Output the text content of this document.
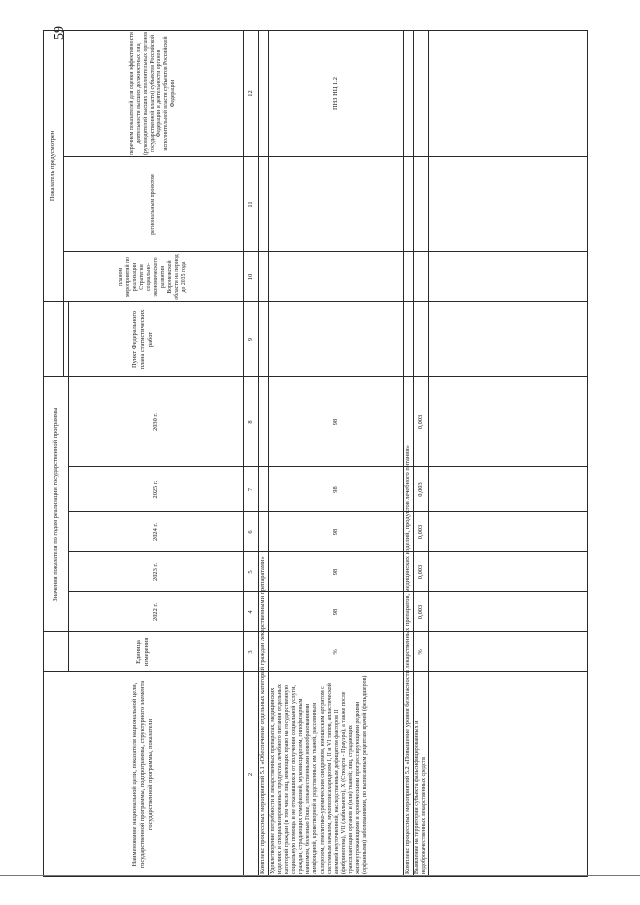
59
Наименование национальной цели, показателя национальной цели, государственной программы, подпрограммы, структурного элемента государственной программы, показатели
Единица измерения
Значения показателя по годам реализации государственной программы
2022 г.
2023 г.
2024 г.
2025 г.
2030 г.
Пункт Федерального плана статистических работ
Показатель предусмотрен
планом мероприятий по реализации Стратегии социально-экономического развития Воронежской области на период до 2035 года
региональным проектом
перечнем показателей для оценки эффективности деятельности высших должностных лиц (руководителей высших исполнительных органов государственной власти) субъектов Российской Федерации и деятельности органов исполнительной власти субъектов Российской Федерации
2
3
4
5
6
7
8
9
10
11
12
Комплекс процессных мероприятий 5.1 «Обеспечение отдельных категорий граждан лекарственными препаратами» Удовлетворение потребности в лекарственных препаратах, медицинских изделиях и специализированных продуктах лечебного питания отдельных категорий граждан (в том числе лиц, имеющих право на государственную социальную помощь и не отказавшихся от получения социальной услуги, граждан, страдающих гемофилией, муковисцидозом, гипофизарным нанизмом, болезнью Гоше, злокачественными новообразованиями лимфоидной, кроветворной и родственных им тканей, рассеянным склерозом, гемолитико-уремическим синдромом, юношеским артритом с системным началом, мукополисахаридозом I, II и VI типов, апластической анемией неуточненной, наследственным дефицитом факторов II (фибриногена), VII (лабильного), X (Стюарта - Прауэра), а также после трансплантации органов и (или) тканей; лиц, страдающих жизнеугрожающими и хроническими прогрессирующими редкими (орфанными) заболеваниями, по выписанным рецептам врачей (фельдшеров)
%
98
98
98
98
98
ПНЗ НЦ 1.2
Комплекс процессных мероприятий 5.2 «Повышение уровня безопасности лекарственных препаратов, медицинских изделий, продуктов лечебного питания» Выявление на территории субъекта фальсифицированных и недоброкачественных лекарственных средств
%
0,003
0,003
0,003
0,003
0,003
